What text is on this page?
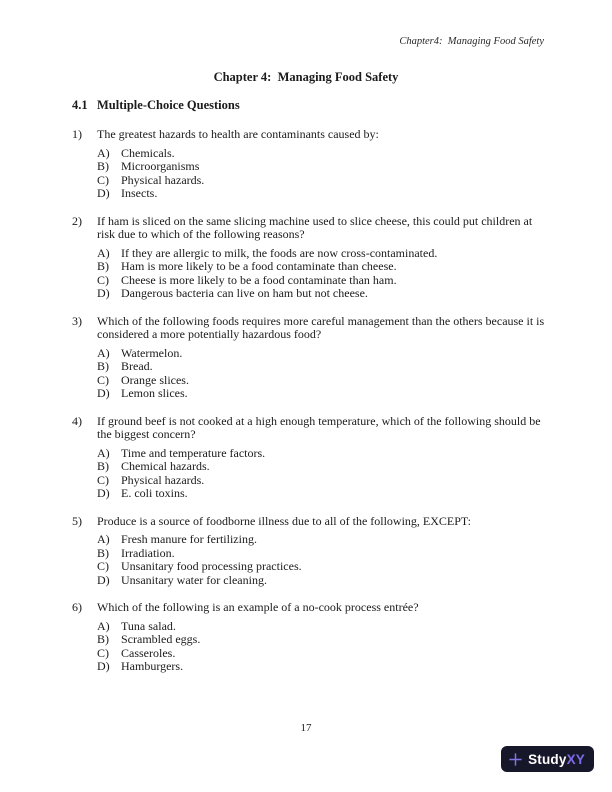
Chapter4:  Managing Food Safety
Chapter 4:  Managing Food Safety
4.1 Multiple-Choice Questions
1)	The greatest hazards to health are contaminants caused by:
A) Chemicals.
B)	Microorganisms
C)	Physical hazards.
D) Insects.
2)	If ham is sliced on the same slicing machine used to slice cheese, this could put children at risk due to which of the following reasons?
A) If they are allergic to milk, the foods are now cross-contaminated.
B)	Ham is more likely to be a food contaminate than cheese.
C)	Cheese is more likely to be a food contaminate than ham.
D) Dangerous bacteria can live on ham but not cheese.
3)	Which of the following foods requires more careful management than the others because it is considered a more potentially hazardous food?
A) Watermelon.
B)	Bread.
C)	Orange slices.
D) Lemon slices.
4)	If ground beef is not cooked at a high enough temperature, which of the following should be the biggest concern?
A) Time and temperature factors.
B)	Chemical hazards.
C)	Physical hazards.
D) E. coli toxins.
5)	Produce is a source of foodborne illness due to all of the following, EXCEPT:
A) Fresh manure for fertilizing.
B)	Irradiation.
C)	Unsanitary food processing practices.
D) Unsanitary water for cleaning.
6)	Which of the following is an example of a no-cook process entrée?
A) Tuna salad.
B)	Scrambled eggs.
C)	Casseroles.
D) Hamburgers.
17
StudyXY
